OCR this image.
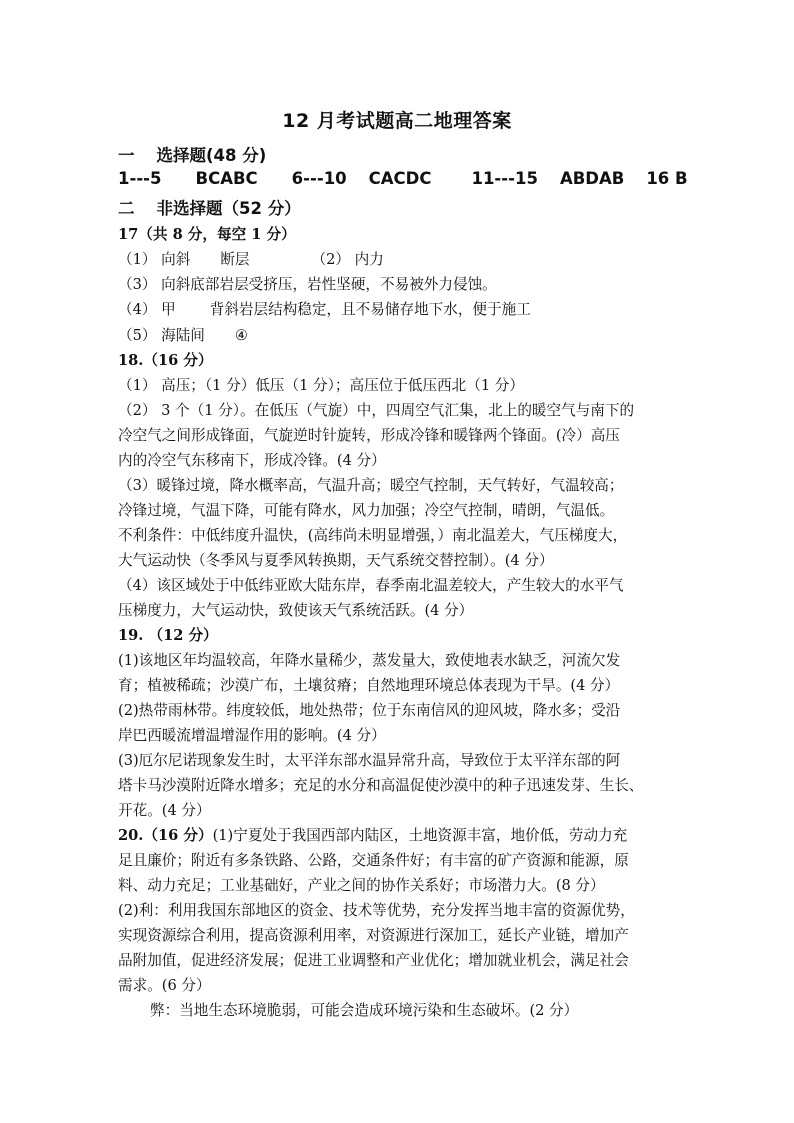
12 月考试题高二地理答案
一 选择题(48 分)
1---5 BCABC 6---10 CACDC 11---15 ABDAB 16 B
二 非选择题（52 分）
17（共 8 分，每空 1 分）
（1） 向斜 断层	（2） 内力
（3） 向斜底部岩层受挤压，岩性坚硬，不易被外力侵蚀。
（4） 甲 背斜岩层结构稳定，且不易储存地下水，便于施工
（5） 海陆间 ④
18.（16 分）
（1） 高压；（1 分）低压（1 分）；高压位于低压西北（1 分）
（2） 3 个（1 分）。在低压（气旋）中，四周空气汇集，北上的暖空气与南下的
冷空气之间形成锋面，气旋逆时针旋转，形成冷锋和暖锋两个锋面。(冷）高压
内的冷空气东移南下，形成冷锋。(4 分）
（3）暖锋过境，降水概率高，气温升高；暖空气控制，天气转好，气温较高；
冷锋过境，气温下降，可能有降水，风力加强；冷空气控制，晴朗，气温低。
不利条件：中低纬度升温快，(高纬尚未明显增强，）南北温差大，气压梯度大，
大气运动快（冬季风与夏季风转换期，天气系统交替控制）。(4 分）
（4）该区域处于中低纬亚欧大陆东岸，春季南北温差较大，产生较大的水平气
压梯度力，大气运动快，致使该天气系统活跃。(4 分）
19. （12 分）
(1)该地区年均温较高，年降水量稀少，蒸发量大，致使地表水缺乏，河流欠发
育；植被稀疏；沙漠广布，土壤贫瘠；自然地理环境总体表现为干旱。(4 分）
(2)热带雨林带。纬度较低，地处热带；位于东南信风的迎风坡，降水多；受沿
岸巴西暖流增温增湿作用的影响。(4 分）
(3)厄尔尼诺现象发生时，太平洋东部水温异常升高，导致位于太平洋东部的阿
塔卡马沙漠附近降水增多；充足的水分和高温促使沙漠中的种子迅速发芽、生长、
开花。(4 分）
20.（16 分）(1)宁夏处于我国西部内陆区，土地资源丰富，地价低，劳动力充
足且廉价；附近有多条铁路、公路，交通条件好；有丰富的矿产资源和能源，原
料、动力充足；工业基础好，产业之间的协作关系好；市场潜力大。(8 分）
(2)利：利用我国东部地区的资金、技术等优势，充分发挥当地丰富的资源优势，
实现资源综合利用，提高资源利用率，对资源进行深加工，延长产业链，增加产
品附加值，促进经济发展；促进工业调整和产业优化；增加就业机会，满足社会
需求。(6 分）
弊：当地生态环境脆弱，可能会造成环境污染和生态破坏。(2 分）
